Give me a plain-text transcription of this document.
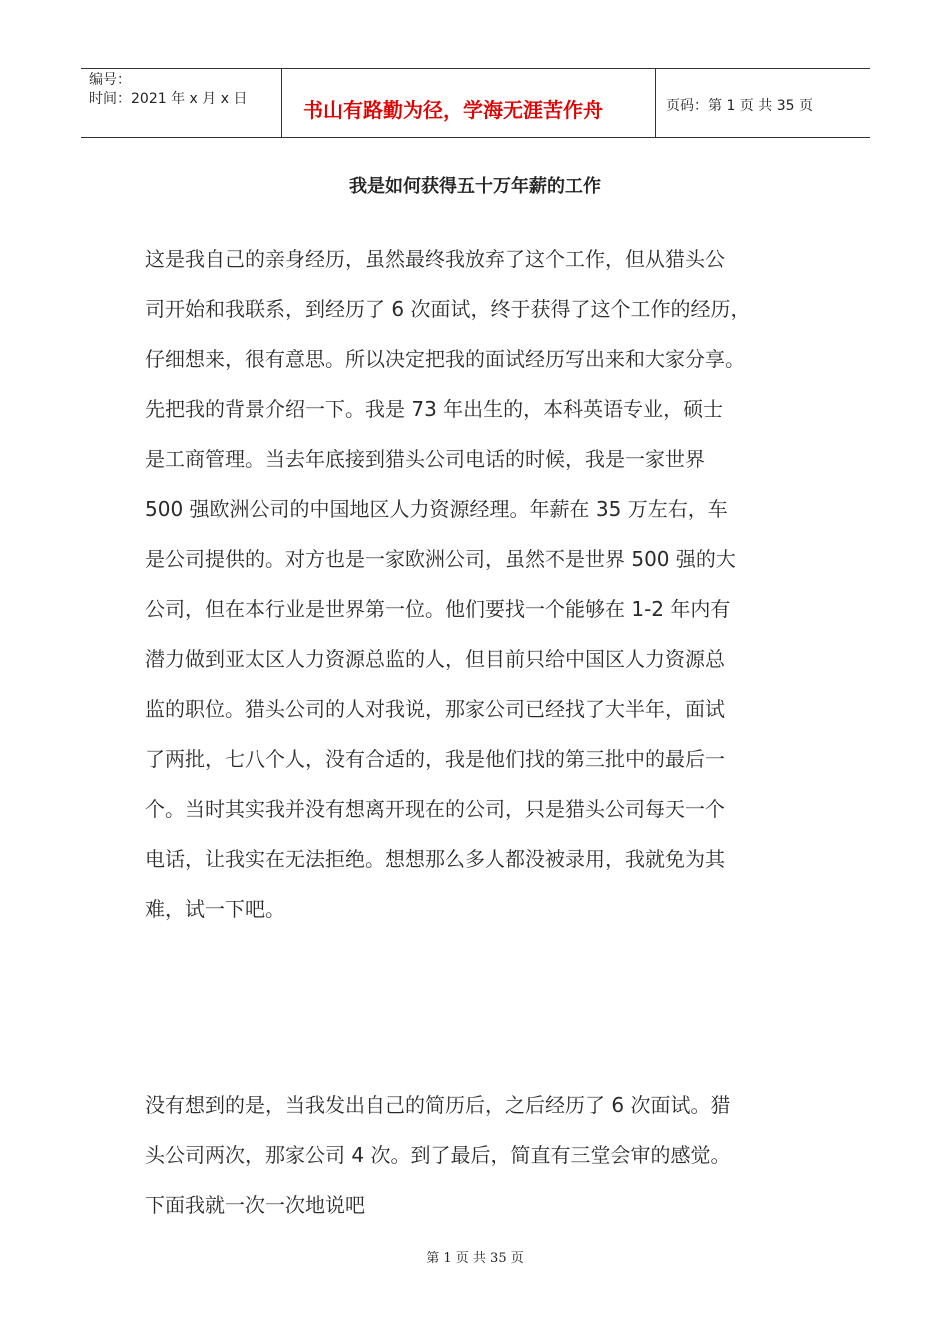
编号：
时间：2021 年 x 月 x 日	书山有路勤为径，学海无涯苦作舟	页码：第 1 页 共 35 页
我是如何获得五十万年薪的工作
这是我自己的亲身经历，虽然最终我放弃了这个工作，但从猎头公
司开始和我联系，到经历了 6 次面试，终于获得了这个工作的经历，
仔细想来，很有意思。所以决定把我的面试经历写出来和大家分享。
先把我的背景介绍一下。我是 73 年出生的，本科英语专业，硕士
是工商管理。当去年底接到猎头公司电话的时候，我是一家世界
500 强欧洲公司的中国地区人力资源经理。年薪在 35 万左右，车
是公司提供的。对方也是一家欧洲公司，虽然不是世界 500 强的大
公司，但在本行业是世界第一位。他们要找一个能够在 1-2 年内有
潜力做到亚太区人力资源总监的人，但目前只给中国区人力资源总
监的职位。猎头公司的人对我说，那家公司已经找了大半年，面试
了两批，七八个人，没有合适的，我是他们找的第三批中的最后一
个。当时其实我并没有想离开现在的公司，只是猎头公司每天一个
电话，让我实在无法拒绝。想想那么多人都没被录用，我就免为其
难，试一下吧。
没有想到的是，当我发出自己的简历后，之后经历了 6 次面试。猎
头公司两次，那家公司 4 次。到了最后，简直有三堂会审的感觉。
下面我就一次一次地说吧
第 1 页 共 35 页
